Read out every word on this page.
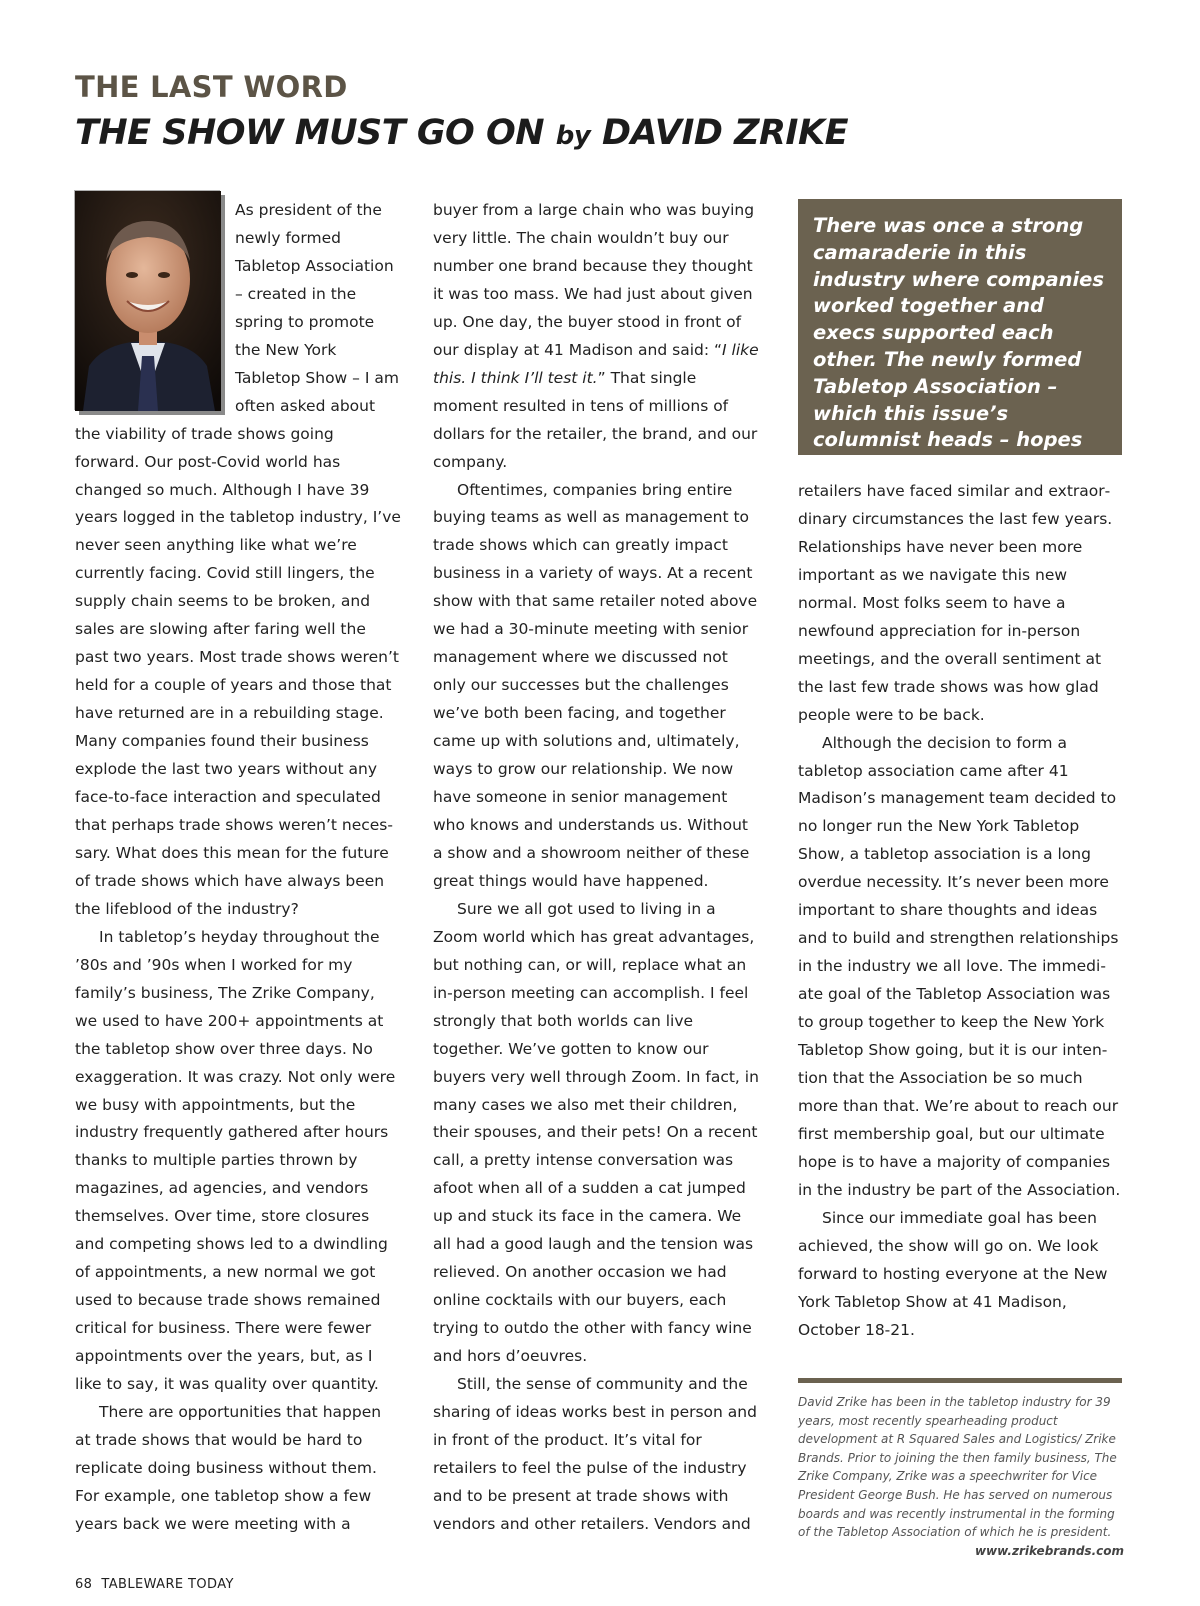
THE LAST WORD
THE SHOW MUST GO ON by DAVID ZRIKE

As president of the newly formed Tabletop Association – created in the spring to promote the New York Tabletop Show – I am often asked about the viability of trade shows going forward. Our post-Covid world has changed so much. Although I have 39 years logged in the tabletop industry, I’ve never seen anything like what we’re currently facing. Covid still lingers, the supply chain seems to be broken, and sales are slowing after faring well the past two years. Most trade shows weren’t held for a couple of years and those that have returned are in a rebuilding stage. Many companies found their business explode the last two years without any face-to-face interaction and speculated that perhaps trade shows weren’t necessary. What does this mean for the future of trade shows which have always been the lifeblood of the industry?

In tabletop’s heyday throughout the ’80s and ’90s when I worked for my family’s business, The Zrike Company, we used to have 200+ appointments at the tabletop show over three days. No exaggeration. It was crazy. Not only were we busy with appointments, but the industry frequently gathered after hours thanks to multiple parties thrown by magazines, ad agencies, and vendors themselves. Over time, store closures and competing shows led to a dwindling of appointments, a new normal we got used to because trade shows remained critical for business. There were fewer appointments over the years, but, as I like to say, it was quality over quantity.

There are opportunities that happen at trade shows that would be hard to replicate doing business without them. For example, one tabletop show a few years back we were meeting with a

buyer from a large chain who was buying very little. The chain wouldn’t buy our number one brand because they thought it was too mass. We had just about given up. One day, the buyer stood in front of our display at 41 Madison and said: “I like this. I think I’ll test it.” That single moment resulted in tens of millions of dollars for the retailer, the brand, and our company.

Oftentimes, companies bring entire buying teams as well as management to trade shows which can greatly impact business in a variety of ways. At a recent show with that same retailer noted above we had a 30-minute meeting with senior management where we discussed not only our successes but the challenges we’ve both been facing, and together came up with solutions and, ultimately, ways to grow our relationship. We now have someone in senior management who knows and understands us. Without a show and a showroom neither of these great things would have happened.

Sure we all got used to living in a Zoom world which has great advantages, but nothing can, or will, replace what an in-person meeting can accomplish. I feel strongly that both worlds can live together. We’ve gotten to know our buyers very well through Zoom. In fact, in many cases we also met their children, their spouses, and their pets! On a recent call, a pretty intense conversation was afoot when all of a sudden a cat jumped up and stuck its face in the camera. We all had a good laugh and the tension was relieved. On another occasion we had online cocktails with our buyers, each trying to outdo the other with fancy wine and hors d’oeuvres.

Still, the sense of community and the sharing of ideas works best in person and in front of the product. It’s vital for retailers to feel the pulse of the industry and to be present at trade shows with vendors and other retailers. Vendors and

There was once a strong camaraderie in this industry where companies worked together and execs supported each other. The newly formed Tabletop Association – which this issue’s columnist heads – hopes to bring that kinship back.

retailers have faced similar and extraordinary circumstances the last few years. Relationships have never been more important as we navigate this new normal. Most folks seem to have a newfound appreciation for in-person meetings, and the overall sentiment at the last few trade shows was how glad people were to be back.

Although the decision to form a tabletop association came after 41 Madison’s management team decided to no longer run the New York Tabletop Show, a tabletop association is a long overdue necessity. It’s never been more important to share thoughts and ideas and to build and strengthen relationships in the industry we all love. The immediate goal of the Tabletop Association was to group together to keep the New York Tabletop Show going, but it is our intention that the Association be so much more than that. We’re about to reach our first membership goal, but our ultimate hope is to have a majority of companies in the industry be part of the Association.

Since our immediate goal has been achieved, the show will go on. We look forward to hosting everyone at the New York Tabletop Show at 41 Madison, October 18-21.

David Zrike has been in the tabletop industry for 39 years, most recently spearheading product development at R Squared Sales and Logistics/ Zrike Brands. Prior to joining the then family business, The Zrike Company, Zrike was a speechwriter for Vice President George Bush. He has served on numerous boards and was recently instrumental in the forming of the Tabletop Association of which he is president.
www.zrikebrands.com
68 TABLEWARE TODAY
